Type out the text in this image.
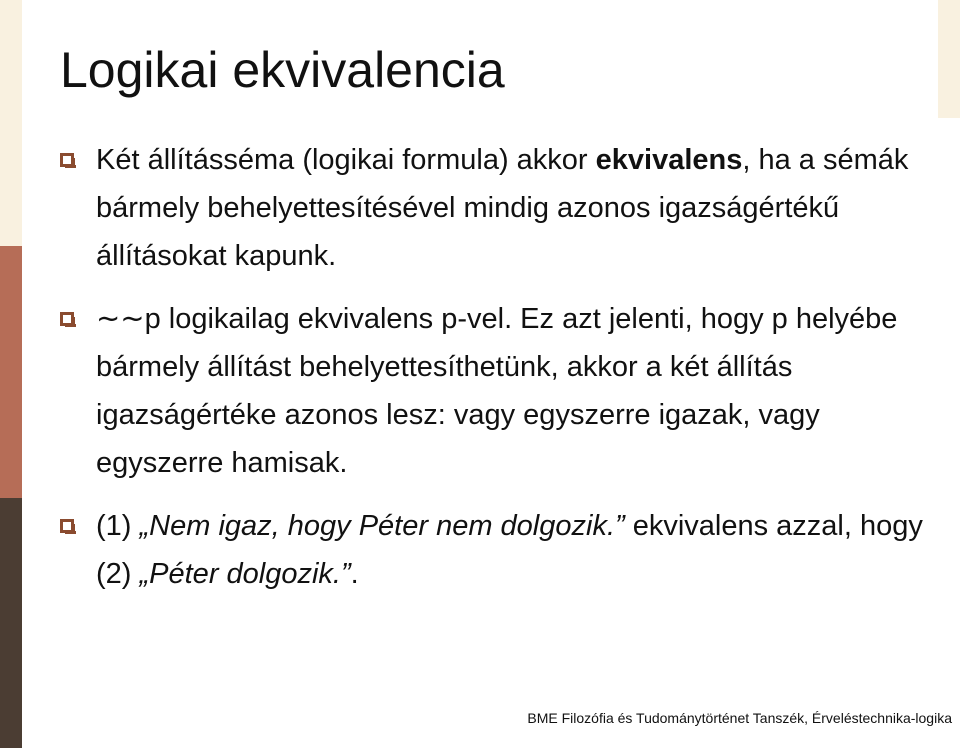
Logikai ekvivalencia
Két állításséma (logikai formula) akkor ekvivalens, ha a sémák bármely behelyettesítésével mindig azonos igazságértékű állításokat kapunk.
∼∼p logikailag ekvivalens p-vel. Ez azt jelenti, hogy p helyébe bármely állítást behelyettesíthetünk, akkor a két állítás igazságértéke azonos lesz: vagy egyszerre igazak, vagy egyszerre hamisak.
(1) „Nem igaz, hogy Péter nem dolgozik.” ekvivalens azzal, hogy (2) „Péter dolgozik.”.
BME Filozófia és Tudománytörténet Tanszék, Érveléstechnika-logika
